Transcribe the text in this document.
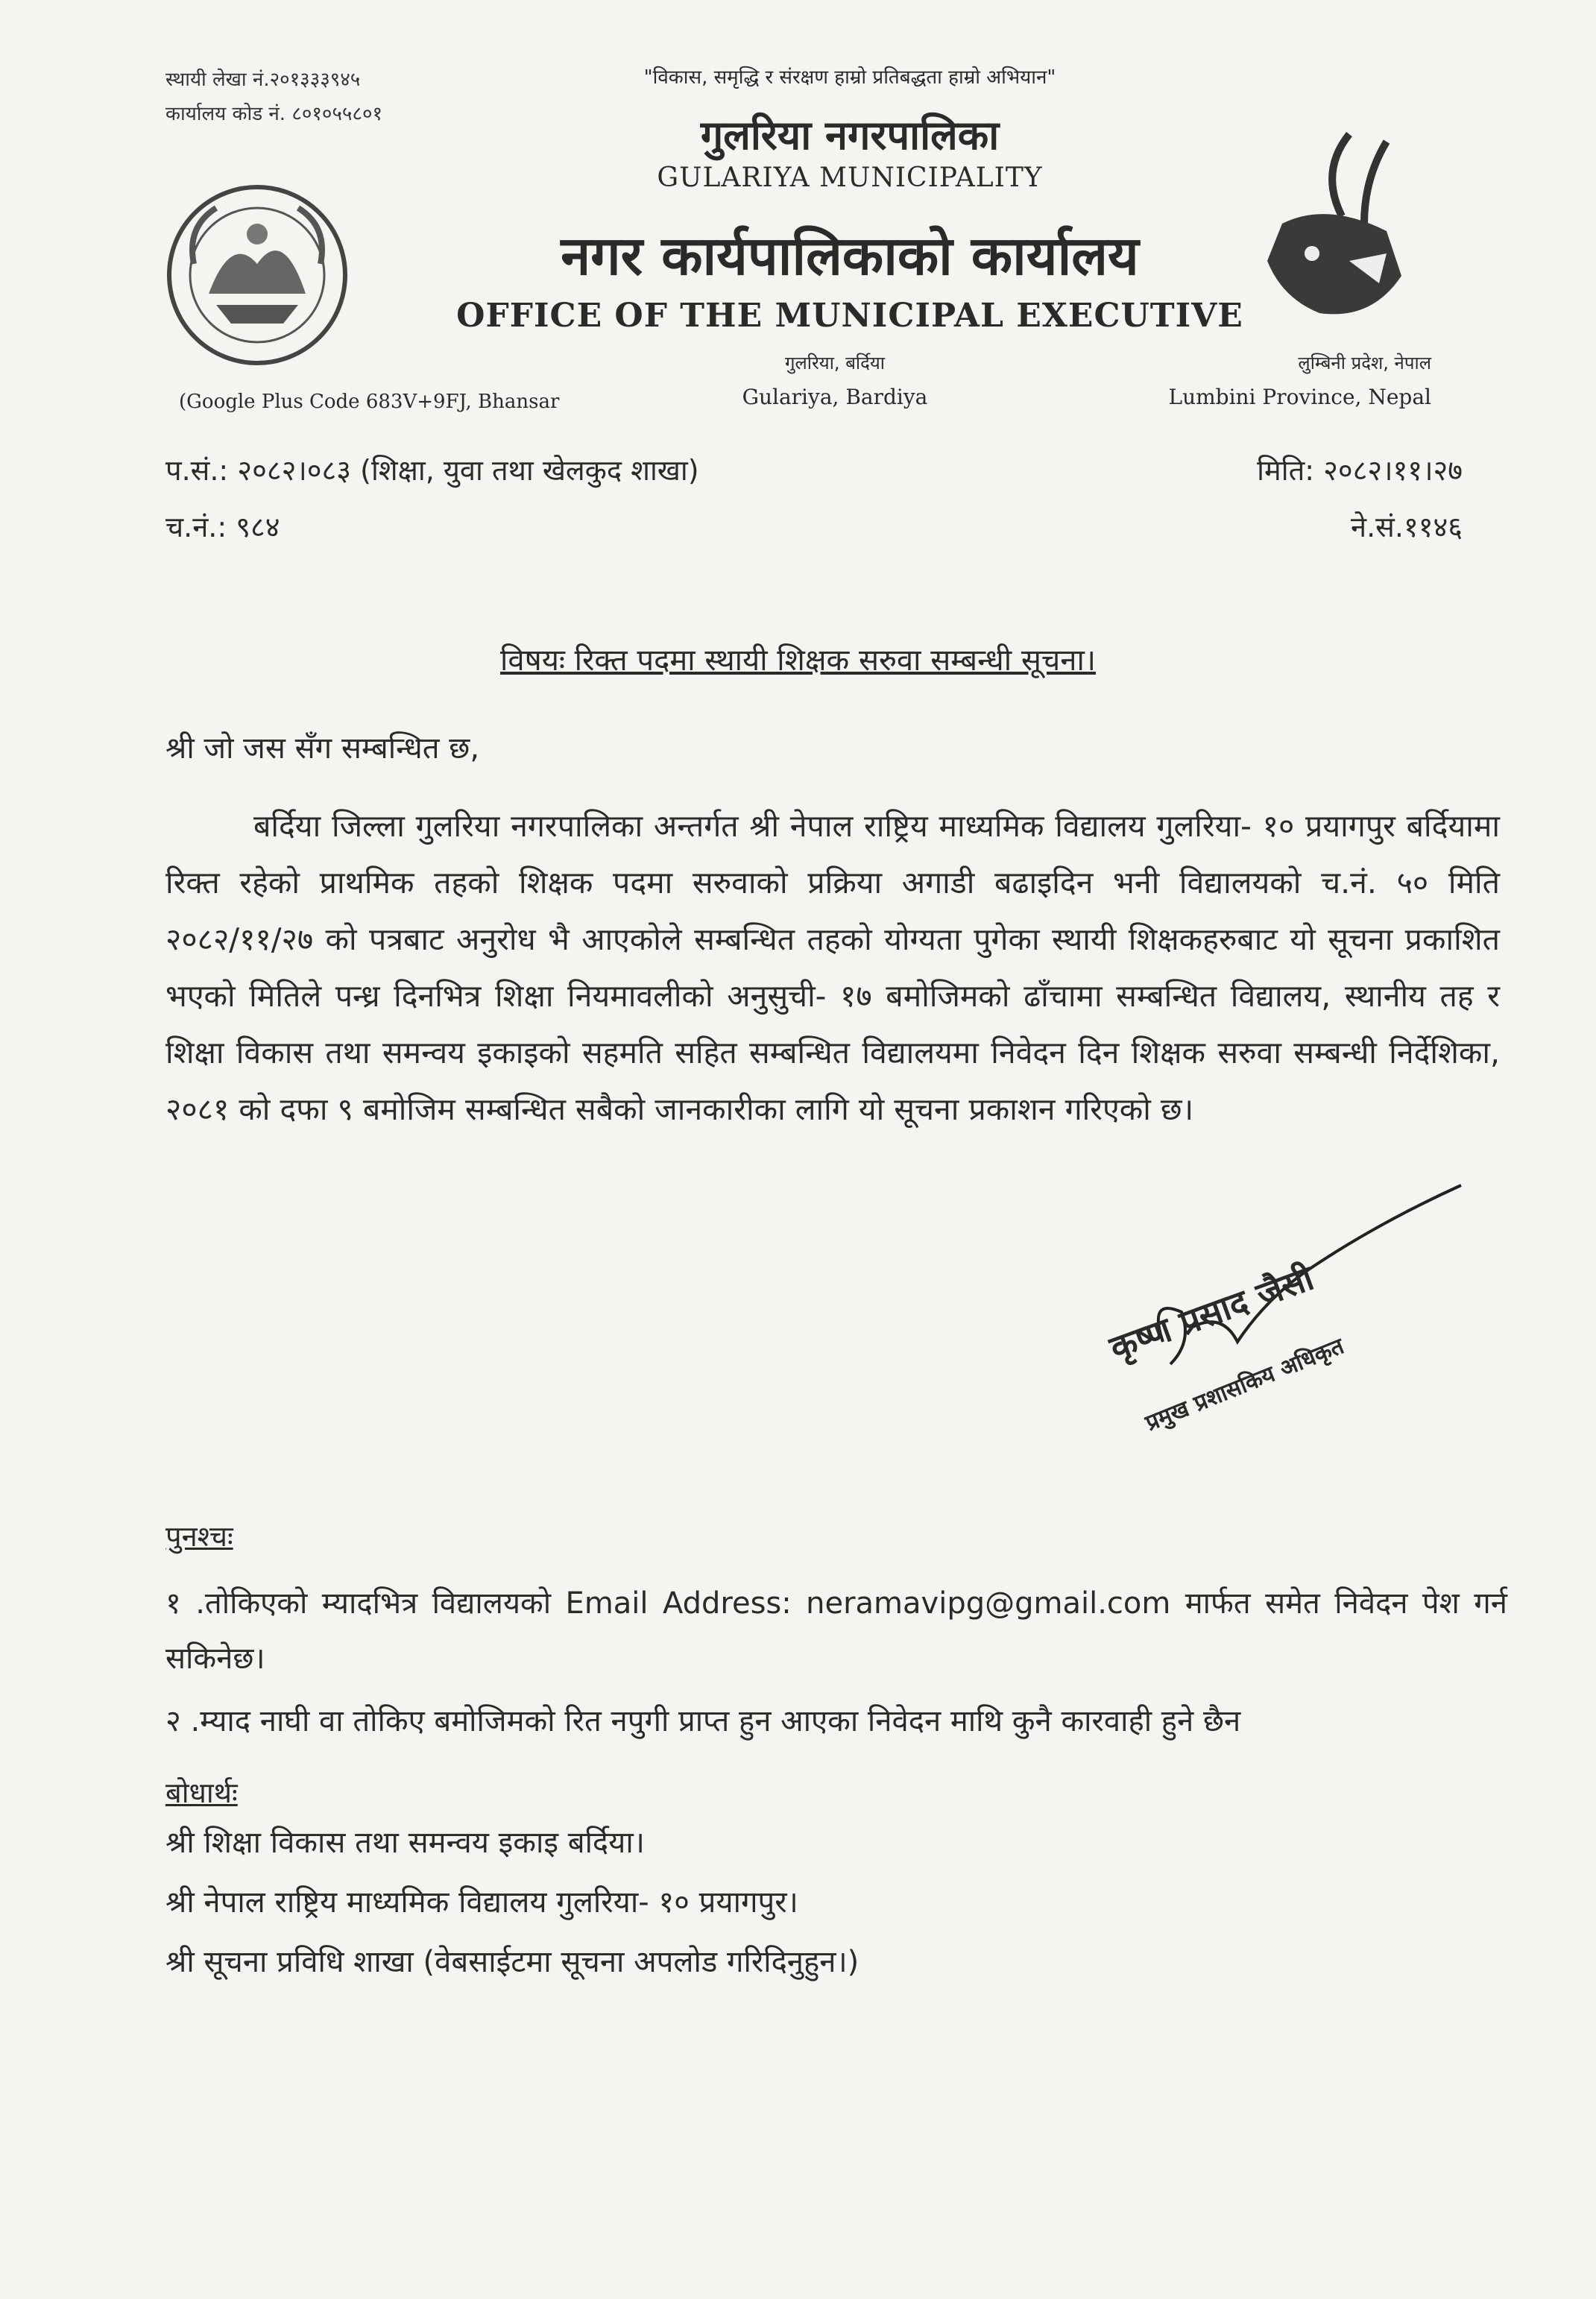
स्थायी लेखा नं.२०१३३३९४५
कार्यालय कोड नं. ८०१०५५८०१
"विकास, समृद्धि र संरक्षण हाम्रो प्रतिबद्धता हाम्रो अभियान"
गुलरिया नगरपालिका
GULARIYA MUNICIPALITY
नगर कार्यपालिकाको कार्यालय
OFFICE OF THE MUNICIPAL EXECUTIVE
गुलरिया, बर्दिया
Gulariya, Bardiya
(Google Plus Code 683V+9FJ, Bhansar
लुम्बिनी प्रदेश, नेपाल
Lumbini Province, Nepal
प.सं.: २०८२।०८३ (शिक्षा, युवा तथा खेलकुद शाखा)	मिति: २०८२।११।२७
च.नं.: ९८४	ने.सं.११४६
विषयः रिक्त पदमा स्थायी शिक्षक सरुवा सम्बन्धी सूचना।
श्री जो जस सँग सम्बन्धित छ,
बर्दिया जिल्ला गुलरिया नगरपालिका अन्तर्गत श्री नेपाल राष्ट्रिय माध्यमिक विद्यालय गुलरिया- १० प्रयागपुर बर्दियामा रिक्त रहेको प्राथमिक तहको शिक्षक पदमा सरुवाको प्रक्रिया अगाडी बढाइदिन भनी विद्यालयको च.नं. ५० मिति २०८२/११/२७ को पत्रबाट अनुरोध भै आएकोले सम्बन्धित तहको योग्यता पुगेका स्थायी शिक्षकहरुबाट यो सूचना प्रकाशित भएको मितिले पन्ध्र दिनभित्र शिक्षा नियमावलीको अनुसुची- १७ बमोजिमको ढाँचामा सम्बन्धित विद्यालय, स्थानीय तह र शिक्षा विकास तथा समन्वय इकाइको सहमति सहित सम्बन्धित विद्यालयमा निवेदन दिन शिक्षक सरुवा सम्बन्धी निर्देशिका, २०८१ को दफा ९ बमोजिम सम्बन्धित सबैको जानकारीका लागि यो सूचना प्रकाशन गरिएको छ।
कृष्ण प्रसाद जैसी
प्रमुख प्रशासकिय अधिकृत
पुनश्चः
१ .तोकिएको म्यादभित्र विद्यालयको Email Address: neramavipg@gmail.com मार्फत समेत निवेदन पेश गर्न सकिनेछ।
२ .म्याद नाघी वा तोकिए बमोजिमको रित नपुगी प्राप्त हुन आएका निवेदन माथि कुनै कारवाही हुने छैन
बोधार्थः
श्री शिक्षा विकास तथा समन्वय इकाइ बर्दिया।
श्री नेपाल राष्ट्रिय माध्यमिक विद्यालय गुलरिया- १० प्रयागपुर।
श्री सूचना प्रविधि शाखा (वेबसाईटमा सूचना अपलोड गरिदिनुहुन।)
